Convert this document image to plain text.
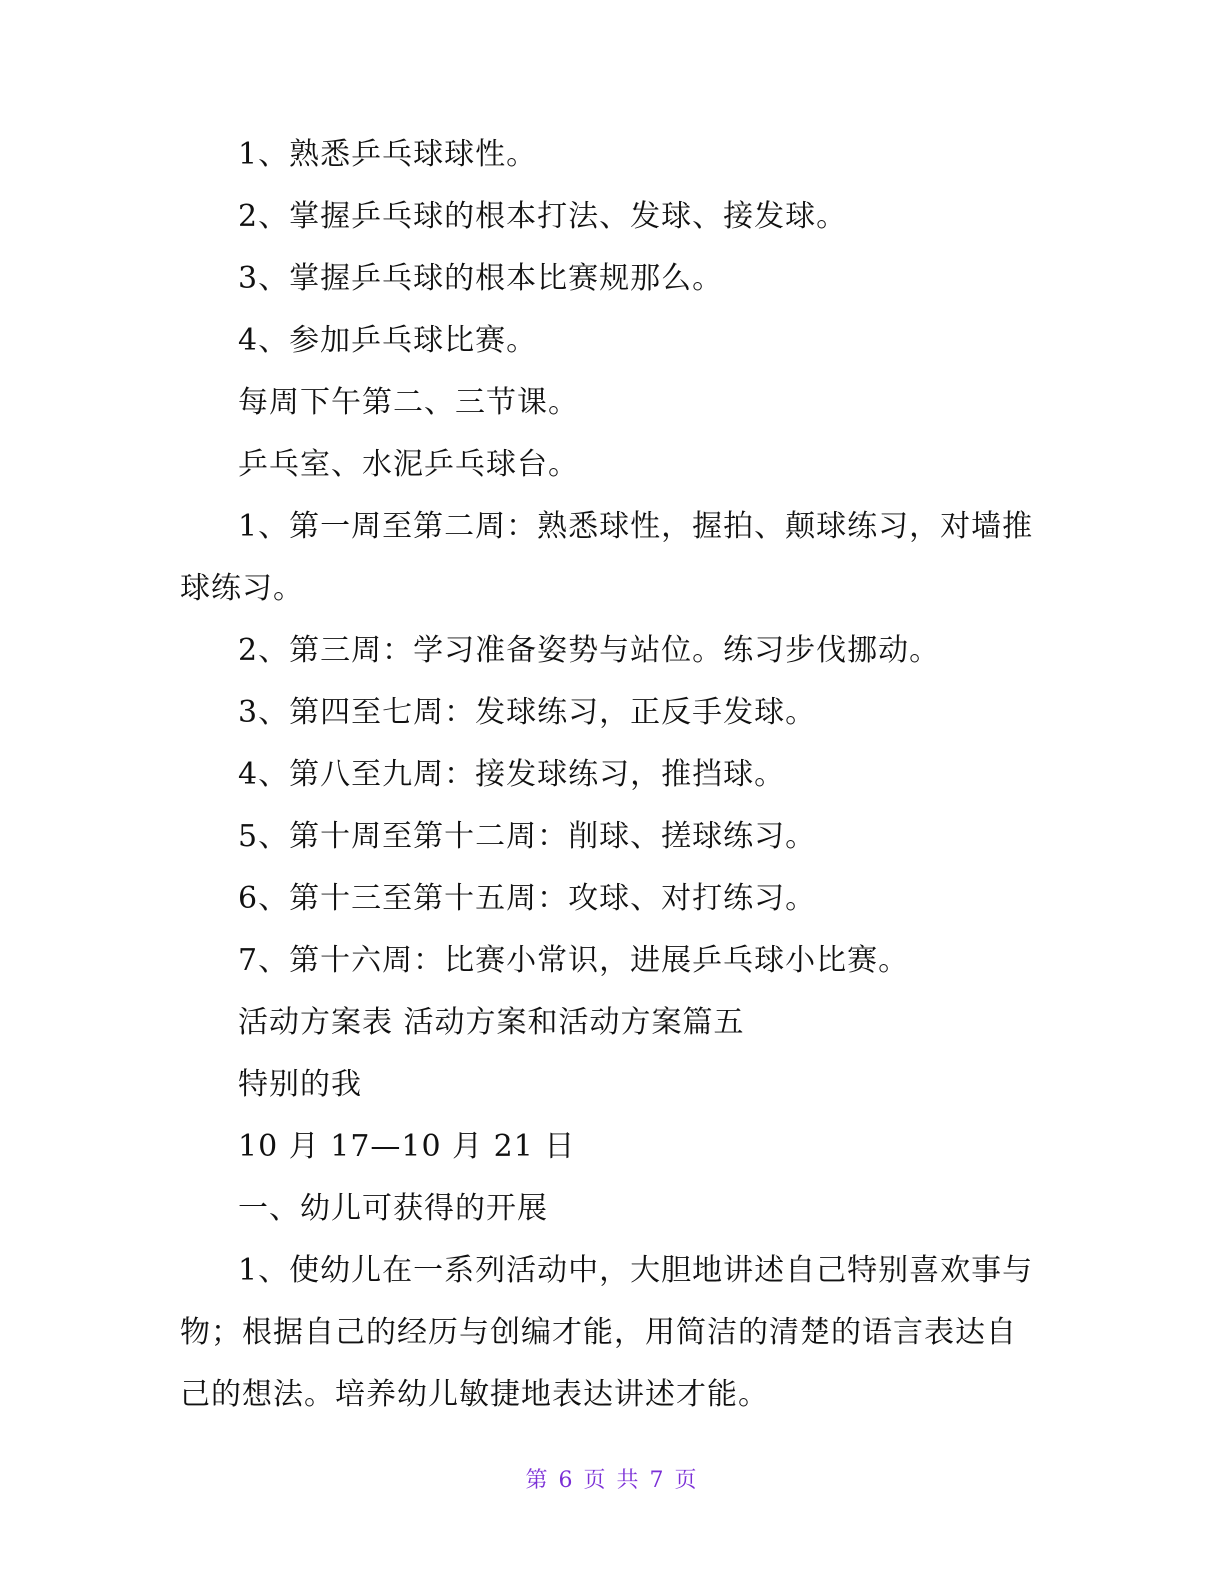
1、熟悉乒乓球球性。

2、掌握乒乓球的根本打法、发球、接发球。

3、掌握乒乓球的根本比赛规那么。

4、参加乒乓球比赛。

每周下午第二、三节课。

乒乓室、水泥乒乓球台。

1、第一周至第二周：熟悉球性，握拍、颠球练习，对墙推球练习。

2、第三周：学习准备姿势与站位。练习步伐挪动。

3、第四至七周：发球练习，正反手发球。

4、第八至九周：接发球练习，推挡球。

5、第十周至第十二周：削球、搓球练习。

6、第十三至第十五周：攻球、对打练习。

7、第十六周：比赛小常识，进展乒乓球小比赛。

活动方案表 活动方案和活动方案篇五

特别的我

10 月 17—10 月 21 日

一、幼儿可获得的开展

1、使幼儿在一系列活动中，大胆地讲述自己特别喜欢事与物；根据自己的经历与创编才能，用简洁的清楚的语言表达自己的想法。培养幼儿敏捷地表达讲述才能。

第 6 页 共 7 页
